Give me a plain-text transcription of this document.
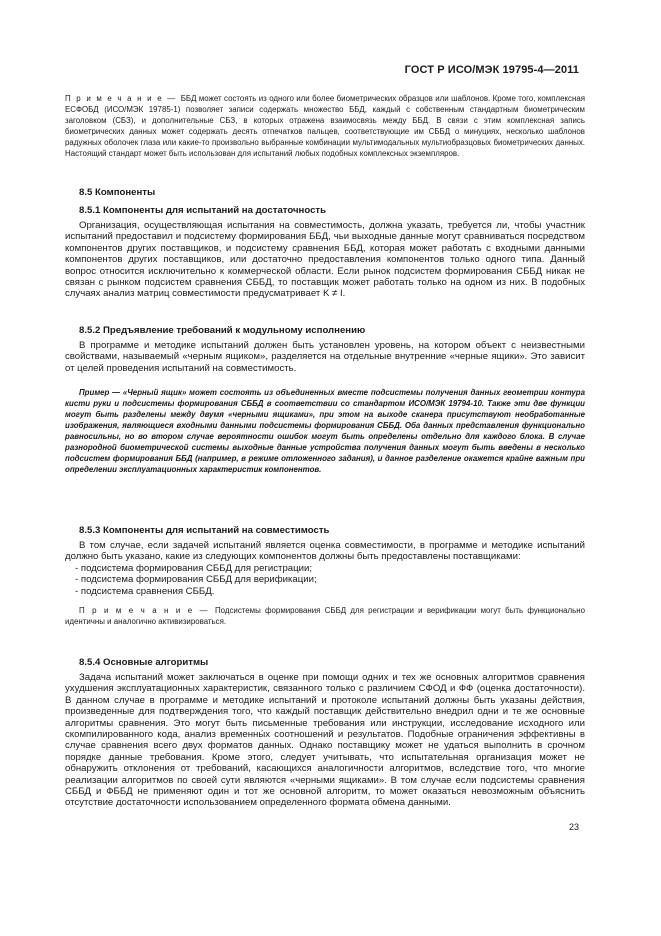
ГОСТ Р ИСО/МЭК 19795-4—2011

П р и м е ч а н и е — ББД может состоять из одного или более биометрических образцов или шаблонов. Кроме того, комплексная ЕСФОБД (ИСО/МЭК 19785-1) позволяет записи содержать множество ББД, каждый с собственным стандартным биометрическим заголовком (СБЗ), и дополнительные СБЗ, в которых отражена взаимосвязь между ББД. В связи с этим комплексная запись биометрических данных может содержать десять отпечатков пальцев, соответствующие им СББД о минуциях, несколько шаблонов радужных оболочек глаза или какие-то произвольно выбранные комбинации мультимодальных мультиобразцовых биометрических данных. Настоящий стандарт может быть использован для испытаний любых подобных комплексных экземпляров.

8.5 Компоненты

8.5.1 Компоненты для испытаний на достаточность

Организация, осуществляющая испытания на совместимость, должна указать, требуется ли, чтобы участник испытаний предоставил и подсистему формирования ББД, чьи выходные данные могут сравниваться посредством компонентов других поставщиков, и подсистему сравнения ББД, которая может работать с входными данными компонентов других поставщиков, или достаточно предоставления компонентов только одного типа. Данный вопрос относится исключительно к коммерческой области. Если рынок подсистем формирования СББД никак не связан с рынком подсистем сравнения СББД, то поставщик может работать только на одном из них. В подобных случаях анализ матриц совместимости предусматривает K ≠ I.

8.5.2 Предъявление требований к модульному исполнению

В программе и методике испытаний должен быть установлен уровень, на котором объект с неизвестными свойствами, называемый «черным ящиком», разделяется на отдельные внутренние «черные ящики». Это зависит от целей проведения испытаний на совместимость.

Пример — «Черный ящик» может состоять из объединенных вместе подсистемы получения данных геометрии контура кисти руки и подсистемы формирования СББД в соответствии со стандартом ИСО/МЭК 19794-10. Также эти две функции могут быть разделены между двумя «черными ящиками», при этом на выходе сканера присутствуют необработанные изображения, являющиеся входными данными подсистемы формирования СББД. Оба данных представления функционально равносильны, но во втором случае вероятности ошибок могут быть определены отдельно для каждого блока. В случае разнородной биометрической системы выходные данные устройства получения данных могут быть введены в несколько подсистем формирования ББД (например, в режиме отложенного задания), и данное разделение окажется крайне важным при определении эксплуатационных характеристик компонентов.

8.5.3 Компоненты для испытаний на совместимость

В том случае, если задачей испытаний является оценка совместимости, в программе и методике испытаний должно быть указано, какие из следующих компонентов должны быть предоставлены поставщиками:

- подсистема формирования СББД для регистрации;
- подсистема формирования СББД для верификации;
- подсистема сравнения СББД.

П р и м е ч а н и е — Подсистемы формирования СББД для регистрации и верификации могут быть функционально идентичны и аналогично активизироваться.

8.5.4 Основные алгоритмы

Задача испытаний может заключаться в оценке при помощи одних и тех же основных алгоритмов сравнения ухудшения эксплуатационных характеристик, связанного только с различием СФОД и ФФ (оценка достаточности). В данном случае в программе и методике испытаний и протоколе испытаний должны быть указаны действия, произведенные для подтверждения того, что каждый поставщик действительно внедрил одни и те же основные алгоритмы сравнения. Это могут быть письменные требования или инструкции, исследование исходного или скомпилированного кода, анализ временны́х соотношений и результатов. Подобные ограничения эффективны в случае сравнения всего двух форматов данных. Однако поставщику может не удаться выполнить в срочном порядке данные требования. Кроме этого, следует учитывать, что испытательная организация может не обнаружить отклонения от требований, касающихся аналогичности алгоритмов, вследствие того, что многие реализации алгоритмов по своей сути являются «черными ящиками». В том случае если подсистемы сравнения СББД и ФББД не применяют один и тот же основной алгоритм, то может оказаться невозможным объяснить отсутствие достаточности использованием определенного формата обмена данными.

23
